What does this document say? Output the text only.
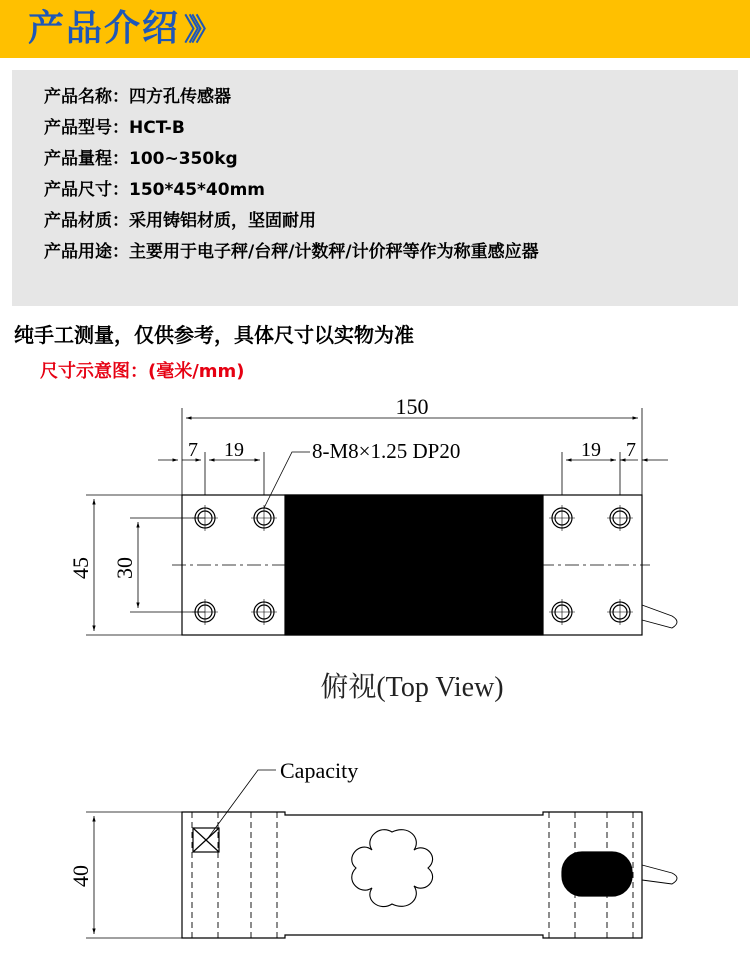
产品介绍 》》
产品名称：四方孔传感器
产品型号：HCT-B
产品量程：100~350kg
产品尺寸：150*45*40mm
产品材质：采用铸铝材质，坚固耐用
产品用途：主要用于电子秤/台秤/计数秤/计价秤等作为称重感应器
纯手工测量，仅供参考，具体尺寸以实物为准
尺寸示意图：(毫米/mm)
150
7 19	19 7
8-M8×1.25 DP20
45 30
俯视(Top View)
Capacity
40
